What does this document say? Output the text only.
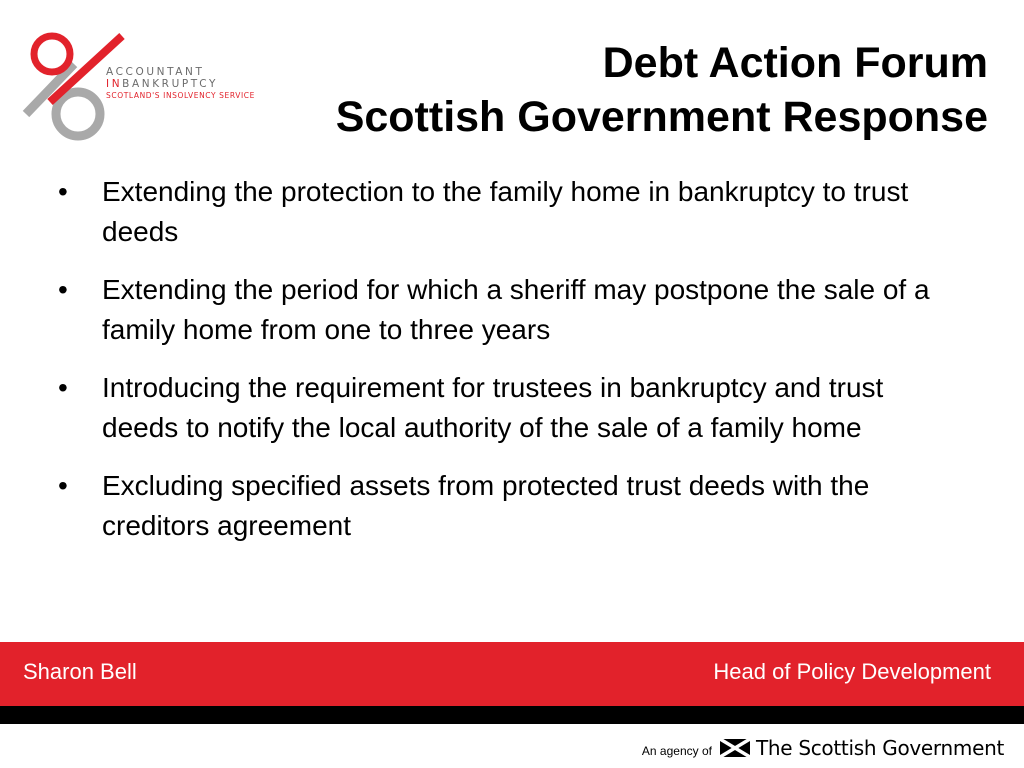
ACCOUNTANT
INBANKRUPTCY
SCOTLAND'S INSOLVENCY SERVICE
Debt Action Forum
Scottish Government Response
•	Extending the protection to the family home in bankruptcy to trust deeds
•	Extending the period for which a sheriff may postpone the sale of a family home from one to three years
•	Introducing the requirement for trustees in bankruptcy and trust deeds to notify the local authority of the sale of a family home
•	Excluding specified assets from protected trust deeds with the creditors agreement
Sharon Bell	Head of Policy Development
An agency of The Scottish Government
